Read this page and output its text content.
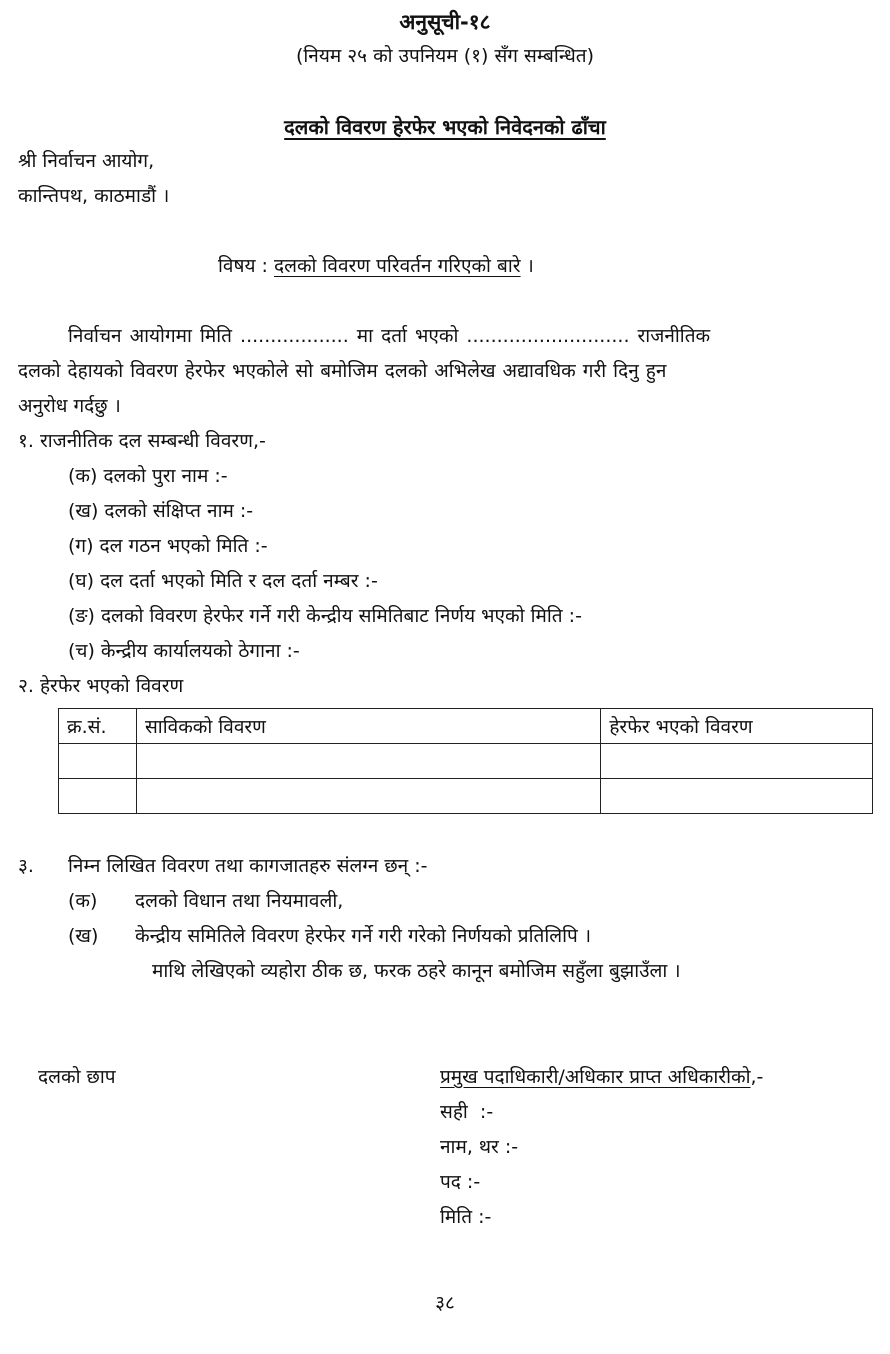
अनुसूची-१८
(नियम २५ को उपनियम (१) सँग सम्बन्धित)
दलको विवरण हेरफेर भएको निवेदनको ढाँचा
श्री निर्वाचन आयोग,
कान्तिपथ, काठमाडौं ।
विषय : दलको विवरण परिवर्तन गरिएको बारे ।
निर्वाचन आयोगमा मिति .................. मा दर्ता भएको ........................... राजनीतिक
दलको देहायको विवरण हेरफेर भएकोले सो बमोजिम दलको अभिलेख अद्यावधिक गरी दिनु हुन
अनुरोध गर्दछु ।
१. राजनीतिक दल सम्बन्धी विवरण,-
(क) दलको पुरा नाम :-
(ख) दलको संक्षिप्त नाम :-
(ग) दल गठन भएको मिति :-
(घ) दल दर्ता भएको मिति र दल दर्ता नम्बर :-
(ङ) दलको विवरण हेरफेर गर्ने गरी केन्द्रीय समितिबाट निर्णय भएको मिति :-
(च) केन्द्रीय कार्यालयको ठेगाना :-
२. हेरफेर भएको विवरण
क्र.सं.	साविकको विवरण	हेरफेर भएको विवरण

३. निम्न लिखित विवरण तथा कागजातहरु संलग्न छन् :-
(क) दलको विधान तथा नियमावली,
(ख) केन्द्रीय समितिले विवरण हेरफेर गर्ने गरी गरेको निर्णयको प्रतिलिपि ।
माथि लेखिएको व्यहोरा ठीक छ, फरक ठहरे कानून बमोजिम सहुँला बुझाउँला ।
दलको छाप	प्रमुख पदाधिकारी/अधिकार प्राप्त अधिकारीको,-
सही  :-
नाम, थर :-
पद :-
मिति :-
३८
